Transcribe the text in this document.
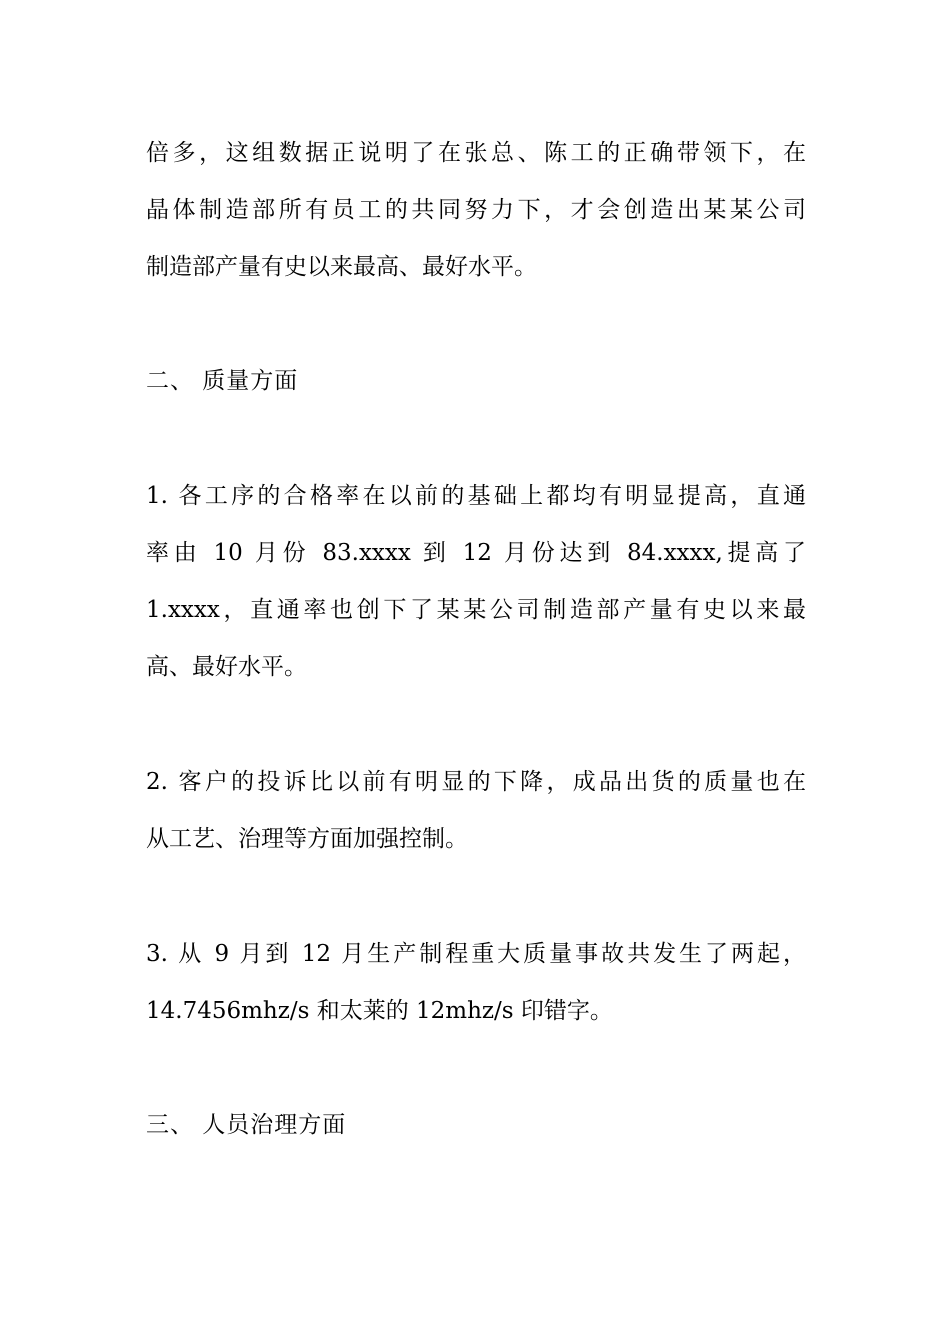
倍多，这组数据正说明了在张总、陈工的正确带领下，在
晶体制造部所有员工的共同努力下，才会创造出某某公司
制造部产量有史以来最高、最好水平。
二、 质量方面
1. 各工序的合格率在以前的基础上都均有明显提高，直通
率由 10 月份 83.xxxx 到 12 月份达到 84.xxxx,提高了
1.xxxx，直通率也创下了某某公司制造部产量有史以来最
高、最好水平。
2. 客户的投诉比以前有明显的下降，成品出货的质量也在
从工艺、治理等方面加强控制。
3. 从 9 月到 12 月生产制程重大质量事故共发生了两起，
14.7456mhz/s 和太莱的 12mhz/s 印错字。
三、 人员治理方面
